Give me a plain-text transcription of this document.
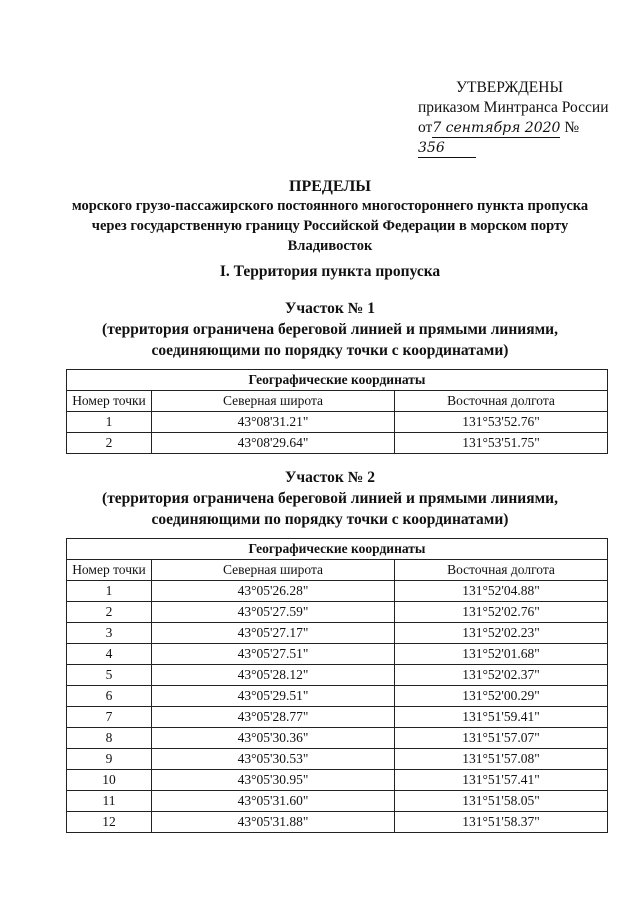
УТВЕРЖДЕНЫ
приказом Минтранса России
от7 сентября 2020 № 356
ПРЕДЕЛЫ
морского грузо-пассажирского постоянного многостороннего пункта пропуска
через государственную границу Российской Федерации в морском порту
Владивосток
I. Территория пункта пропуска
Участок № 1
(территория ограничена береговой линией и прямыми линиями,
соединяющими по порядку точки с координатами)
Географические координаты		
Номер точки	Северная широта	Восточная долгота
1	43°08'31.21"	131°53'52.76"
2	43°08'29.64"	131°53'51.75"
Участок № 2
(территория ограничена береговой линией и прямыми линиями,
соединяющими по порядку точки с координатами)
Географические координаты		
Номер точки	Северная широта	Восточная долгота
1	43°05'26.28"	131°52'04.88"
2	43°05'27.59"	131°52'02.76"
3	43°05'27.17"	131°52'02.23"
4	43°05'27.51"	131°52'01.68"
5	43°05'28.12"	131°52'02.37"
6	43°05'29.51"	131°52'00.29"
7	43°05'28.77"	131°51'59.41"
8	43°05'30.36"	131°51'57.07"
9	43°05'30.53"	131°51'57.08"
10	43°05'30.95"	131°51'57.41"
11	43°05'31.60"	131°51'58.05"
12	43°05'31.88"	131°51'58.37"
